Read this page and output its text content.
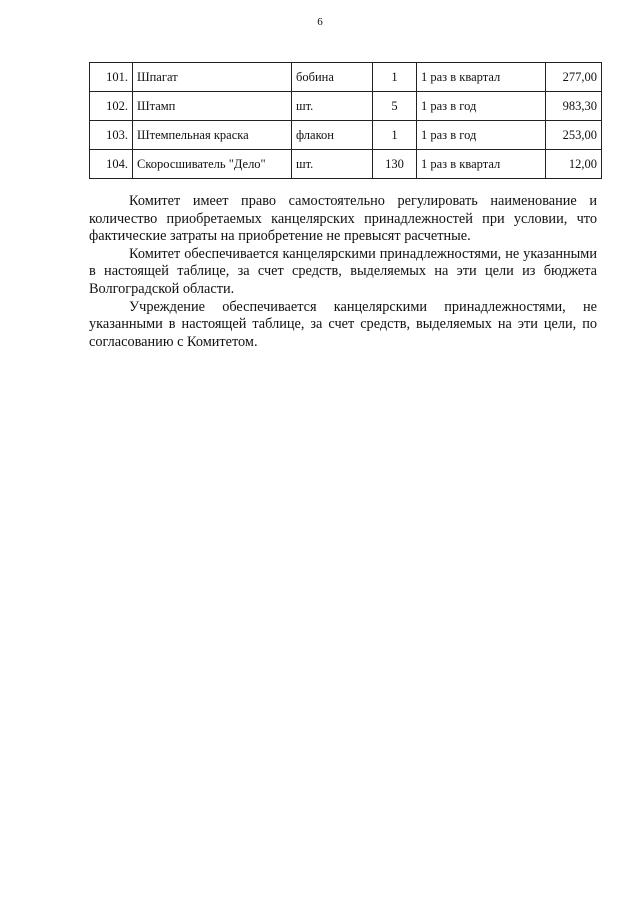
6
101.	Шпагат	бобина	1	1 раз в квартал	277,00
102.	Штамп	шт.	5	1 раз в год	983,30
103.	Штемпельная краска	флакон	1	1 раз в год	253,00
104.	Скоросшиватель "Дело"	шт.	130	1 раз в квартал	12,00

Комитет имеет право самостоятельно регулировать наименование и количество приобретаемых канцелярских принадлежностей при условии, что фактические затраты на приобретение не превысят расчетные.

Комитет обеспечивается канцелярскими принадлежностями, не указанными в настоящей таблице, за счет средств, выделяемых на эти цели из бюджета Волгоградской области.

Учреждение обеспечивается канцелярскими принадлежностями, не указанными в настоящей таблице, за счет средств, выделяемых на эти цели, по согласованию с Комитетом.
